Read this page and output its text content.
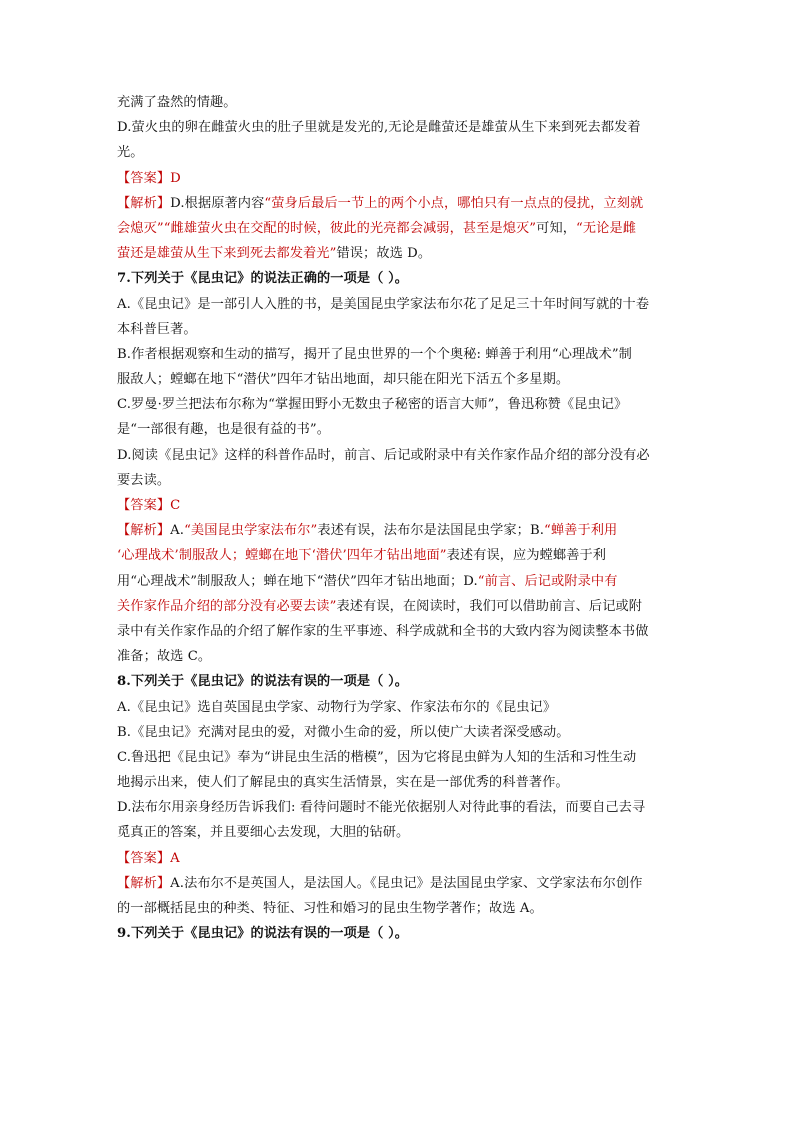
充满了盎然的情趣。
D.萤火虫的卵在雌萤火虫的肚子里就是发光的,无论是雌萤还是雄萤从生下来到死去都发着
光。
【答案】D
【解析】D.根据原著内容“萤身后最后一节上的两个小点，哪怕只有一点点的侵扰，立刻就
会熄灭”“雌雄萤火虫在交配的时候，彼此的光亮都会减弱，甚至是熄灭”可知，“无论是雌
萤还是雄萤从生下来到死去都发着光”错误；故选 D。
7.下列关于《昆虫记》的说法正确的一项是（ ）。
A.《昆虫记》是一部引人入胜的书，是美国昆虫学家法布尔花了足足三十年时间写就的十卷
本科普巨著。
B.作者根据观察和生动的描写，揭开了昆虫世界的一个个奥秘: 蝉善于利用“心理战术”制
服敌人；螳螂在地下“潜伏”四年才钻出地面，却只能在阳光下活五个多星期。
C.罗曼·罗兰把法布尔称为“掌握田野小无数虫子秘密的语言大师”，鲁迅称赞《昆虫记》
是“一部很有趣，也是很有益的书”。
D.阅读《昆虫记》这样的科普作品时，前言、后记或附录中有关作家作品介绍的部分没有必
要去读。
【答案】C
【解析】A.“美国昆虫学家法布尔”表述有误，法布尔是法国昆虫学家；B.“蝉善于利用
‘心理战术’制服敌人；螳螂在地下‘潜伏’四年才钻出地面”表述有误，应为螳螂善于利
用“心理战术”制服敌人；蝉在地下“潜伏”四年才钻出地面；D.“前言、后记或附录中有
关作家作品介绍的部分没有必要去读”表述有误，在阅读时，我们可以借助前言、后记或附
录中有关作家作品的介绍了解作家的生平事迹、科学成就和全书的大致内容为阅读整本书做
准备；故选 C。
8.下列关于《昆虫记》的说法有误的一项是（ ）。
A.《昆虫记》选自英国昆虫学家、动物行为学家、作家法布尔的《昆虫记》
B.《昆虫记》充满对昆虫的爱，对微小生命的爱，所以使广大读者深受感动。
C.鲁迅把《昆虫记》奉为“讲昆虫生活的楷模”，因为它将昆虫鲜为人知的生活和习性生动
地揭示出来，使人们了解昆虫的真实生活情景，实在是一部优秀的科普著作。
D.法布尔用亲身经历告诉我们: 看待问题时不能光依据别人对待此事的看法，而要自己去寻
觅真正的答案，并且要细心去发现，大胆的钻研。
【答案】A
【解析】A.法布尔不是英国人，是法国人。《昆虫记》是法国昆虫学家、文学家法布尔创作
的一部概括昆虫的种类、特征、习性和婚习的昆虫生物学著作；故选 A。
9.下列关于《昆虫记》的说法有误的一项是（ ）。
